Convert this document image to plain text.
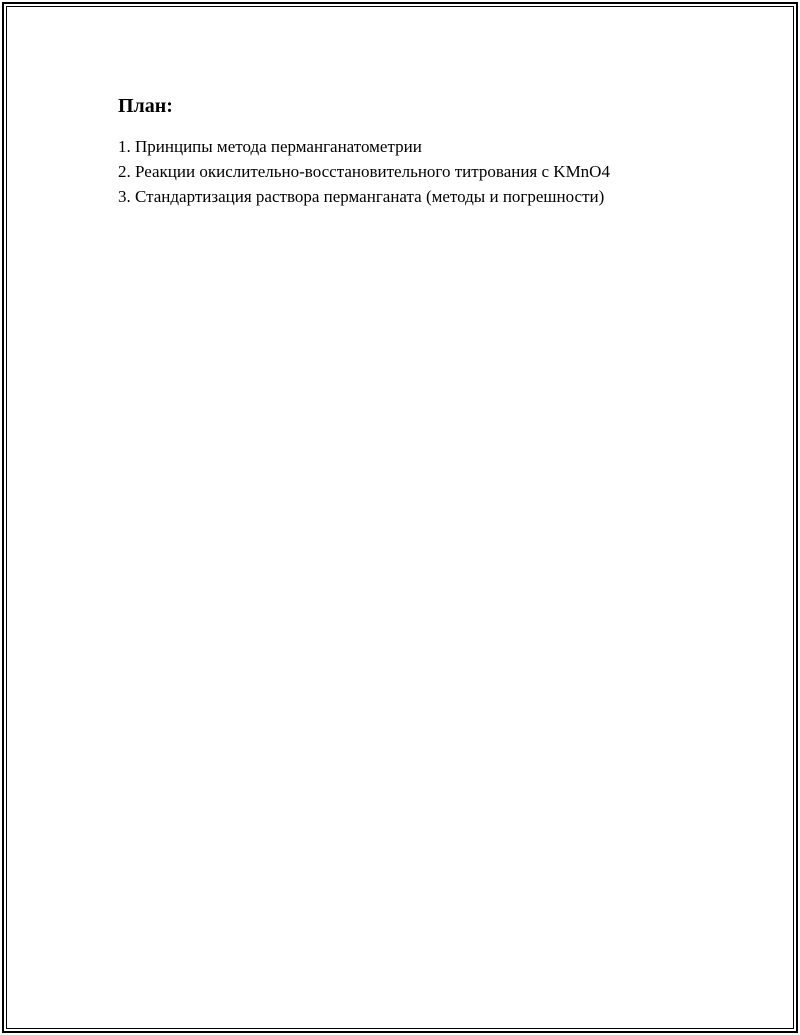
План:
1. Принципы метода перманганатометрии
2. Реакции окислительно-восстановительного титрования с KMnO4
3. Стандартизация раствора перманганата (методы и погрешности)
